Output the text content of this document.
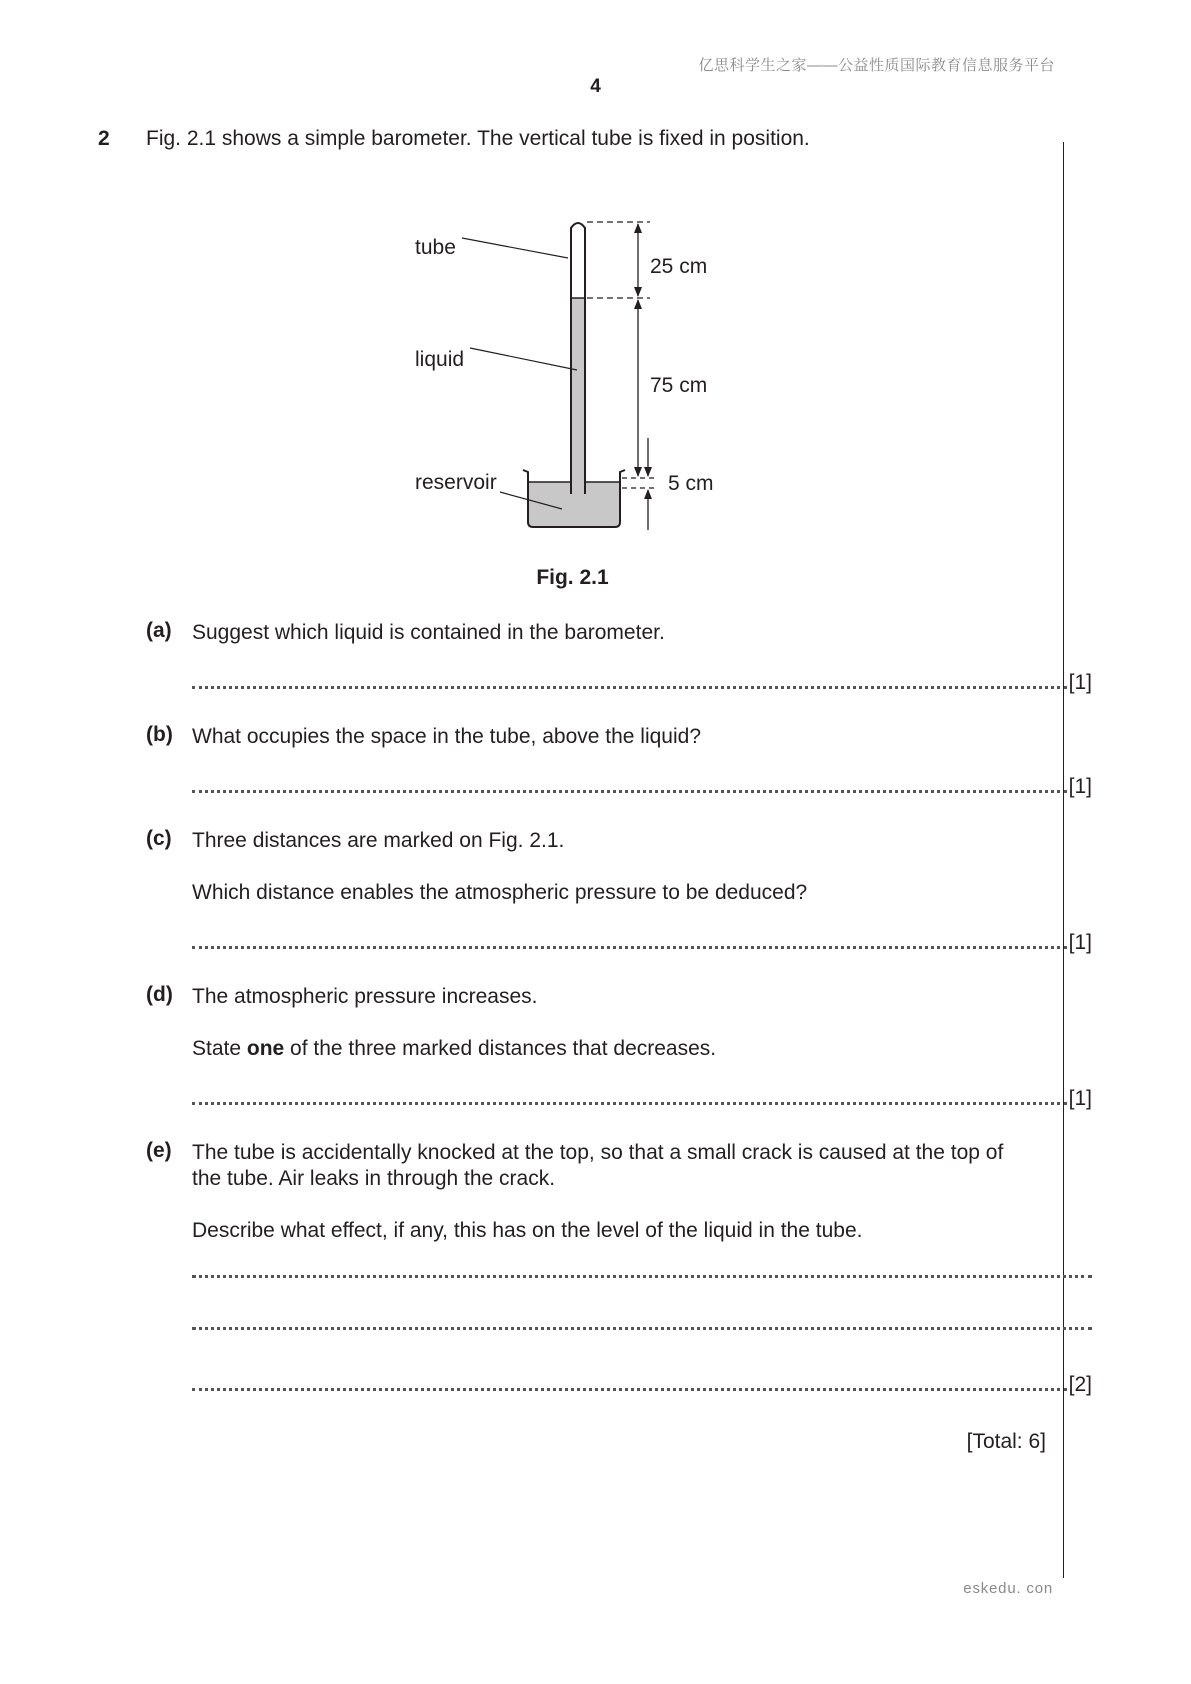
亿思科学生之家——公益性质国际教育信息服务平台
4
2 Fig. 2.1 shows a simple barometer. The vertical tube is fixed in position.
tube
liquid
reservoir
25 cm
75 cm
5 cm
Fig. 2.1
(a) Suggest which liquid is contained in the barometer.
[1]
(b) What occupies the space in the tube, above the liquid?
[1]
(c) Three distances are marked on Fig. 2.1.
Which distance enables the atmospheric pressure to be deduced?
[1]
(d) The atmospheric pressure increases.
State one of the three marked distances that decreases.
[1]
(e) The tube is accidentally knocked at the top, so that a small crack is caused at the top of
the tube. Air leaks in through the crack.
Describe what effect, if any, this has on the level of the liquid in the tube.
[2]
[Total: 6]
eskedu. con
